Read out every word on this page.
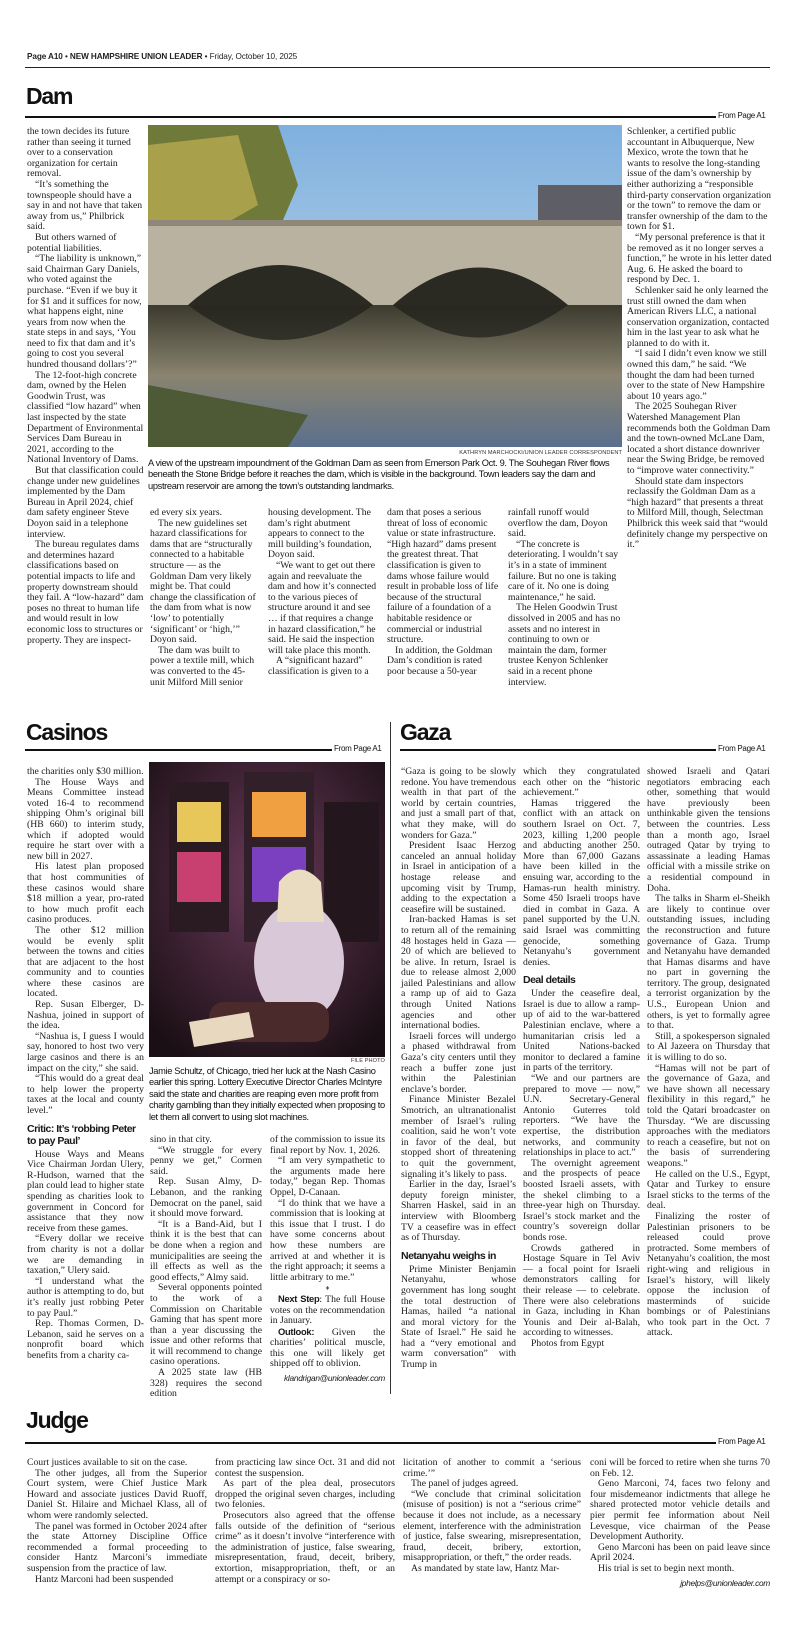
Page A10 • NEW HAMPSHIRE UNION LEADER • Friday, October 10, 2025
Dam
From Page A1

the town decides its future rather than seeing it turned over to a conservation organization for certain removal.

“It’s something the townspeople should have a say in and not have that taken away from us,” Philbrick said.

But others warned of potential liabilities.

“The liability is unknown,” said Chairman Gary Daniels, who voted against the purchase. “Even if we buy it for $1 and it suffices for now, what happens eight, nine years from now when the state steps in and says, ‘You need to fix that dam and it’s going to cost you several hundred thousand dollars’?”

The 12-foot-high concrete dam, owned by the Helen Goodwin Trust, was classified “low hazard” when last inspected by the state Department of Environmental Services Dam Bureau in 2021, according to the National Inventory of Dams.

But that classification could change under new guidelines implemented by the Dam Bureau in April 2024, chief dam safety engineer Steve Doyon said in a telephone interview.

The bureau regulates dams and determines hazard classifications based on potential impacts to life and property downstream should they fail. A “low-hazard” dam poses no threat to human life and would result in low economic loss to structures or property. They are inspect-

KATHRYN MARCHOCKI/UNION LEADER CORRESPONDENT
A view of the upstream impoundment of the Goldman Dam as seen from Emerson Park Oct. 9. The Souhegan River flows beneath the Stone Bridge before it reaches the dam, which is visible in the background. Town leaders say the dam and upstream reservoir are among the town’s outstanding landmarks.

ed every six years.

The new guidelines set hazard classifications for dams that are “structurally connected to a habitable structure — as the Goldman Dam very likely might be. That could change the classification of the dam from what is now ‘low’ to potentially ‘significant’ or ‘high,’” Doyon said.

The dam was built to power a textile mill, which was converted to the 45-unit Milford Mill senior

housing development. The dam’s right abutment appears to connect to the mill building’s foundation, Doyon said.

“We want to get out there again and reevaluate the dam and how it’s connected to the various pieces of structure around it and see … if that requires a change in hazard classification,” he said. He said the inspection will take place this month.

A “significant hazard” classification is given to a

dam that poses a serious threat of loss of economic value or state infrastructure. “High hazard” dams present the greatest threat. That classification is given to dams whose failure would result in probable loss of life because of the structural failure of a foundation of a habitable residence or commercial or industrial structure.

In addition, the Goldman Dam’s condition is rated poor because a 50-year

rainfall runoff would overflow the dam, Doyon said.

“The concrete is deteriorating. I wouldn’t say it’s in a state of imminent failure. But no one is taking care of it. No one is doing maintenance,” he said.

The Helen Goodwin Trust dissolved in 2005 and has no assets and no interest in continuing to own or maintain the dam, former trustee Kenyon Schlenker said in a recent phone interview.

Schlenker, a certified public accountant in Albuquerque, New Mexico, wrote the town that he wants to resolve the long-standing issue of the dam’s ownership by either authorizing a “responsible third-party conservation organization or the town” to remove the dam or transfer ownership of the dam to the town for $1.

“My personal preference is that it be removed as it no longer serves a function,” he wrote in his letter dated Aug. 6. He asked the board to respond by Dec. 1.

Schlenker said he only learned the trust still owned the dam when American Rivers LLC, a national conservation organization, contacted him in the last year to ask what he planned to do with it.

“I said I didn’t even know we still owned this dam,” he said. “We thought the dam had been turned over to the state of New Hampshire about 10 years ago.”

The 2025 Souhegan River Watershed Management Plan recommends both the Goldman Dam and the town-owned McLane Dam, located a short distance downriver near the Swing Bridge, be removed to “improve water connectivity.”

Should state dam inspectors reclassify the Goldman Dam as a “high hazard” that presents a threat to Milford Mill, though, Selectman Philbrick this week said that “would definitely change my perspective on it.”

Casinos
From Page A1

the charities only $30 million.

The House Ways and Means Committee instead voted 16-4 to recommend shipping Ohm’s original bill (HB 660) to interim study, which if adopted would require he start over with a new bill in 2027.

His latest plan proposed that host communities of these casinos would share $18 million a year, pro-rated to how much profit each casino produces.

The other $12 million would be evenly split between the towns and cities that are adjacent to the host community and to counties where these casinos are located.

Rep. Susan Elberger, D-Nashua, joined in support of the idea.

“Nashua is, I guess I would say, honored to host two very large casinos and there is an impact on the city,” she said.

“This would do a great deal to help lower the property taxes at the local and county level.”

Critic: It’s ‘robbing Peter to pay Paul’

House Ways and Means Vice Chairman Jordan Ulery, R-Hudson, warned that the plan could lead to higher state spending as charities look to government in Concord for assistance that they now receive from these games.

“Every dollar we receive from charity is not a dollar we are demanding in taxation,” Ulery said.

“I understand what the author is attempting to do, but it’s really just robbing Peter to pay Paul.”

Rep. Thomas Cormen, D-Lebanon, said he serves on a nonprofit board which benefits from a charity ca-

FILE PHOTO
Jamie Schultz, of Chicago, tried her luck at the Nash Casino earlier this spring. Lottery Executive Director Charles McIntyre said the state and charities are reaping even more profit from charity gambling than they initially expected when proposing to let them all convert to using slot machines.

sino in that city.

“We struggle for every penny we get,” Cormen said.

Rep. Susan Almy, D-Lebanon, and the ranking Democrat on the panel, said it should move forward.

“It is a Band-Aid, but I think it is the best that can be done when a region and municipalities are seeing the ill effects as well as the good effects,” Almy said.

Several opponents pointed to the work of a Commission on Charitable Gaming that has spent more than a year discussing the issue and other reforms that it will recommend to change casino operations.

A 2025 state law (HB 328) requires the second edition

of the commission to issue its final report by Nov. 1, 2026.

“I am very sympathetic to the arguments made here today,” began Rep. Thomas Oppel, D-Canaan.

“I do think that we have a commission that is looking at this issue that I trust. I do have some concerns about how these numbers are arrived at and whether it is the right approach; it seems a little arbitrary to me.”

♦

Next Step: The full House votes on the recommendation in January.

Outlook: Given the charities’ political muscle, this one will likely get shipped off to oblivion.

klandrigan@unionleader.com

Gaza
From Page A1

“Gaza is going to be slowly redone. You have tremendous wealth in that part of the world by certain countries, and just a small part of that, what they make, will do wonders for Gaza.”

President Isaac Herzog canceled an annual holiday in Israel in anticipation of a hostage release and upcoming visit by Trump, adding to the expectation a ceasefire will be sustained.

Iran-backed Hamas is set to return all of the remaining 48 hostages held in Gaza — 20 of which are believed to be alive. In return, Israel is due to release almost 2,000 jailed Palestinians and allow a ramp up of aid to Gaza through United Nations agencies and other international bodies.

Israeli forces will undergo a phased withdrawal from Gaza’s city centers until they reach a buffer zone just within the Palestinian enclave’s border.

Finance Minister Bezalel Smotrich, an ultranationalist member of Israel’s ruling coalition, said he won’t vote in favor of the deal, but stopped short of threatening to quit the government, signaling it’s likely to pass.

Earlier in the day, Israel’s deputy foreign minister, Sharren Haskel, said in an interview with Bloomberg TV a ceasefire was in effect as of Thursday.

Netanyahu weighs in

Prime Minister Benjamin Netanyahu, whose government has long sought the total destruction of Hamas, hailed “a national and moral victory for the State of Israel.” He said he had a “very emotional and warm conversation” with Trump in

which they congratulated each other on the “historic achievement.”

Hamas triggered the conflict with an attack on southern Israel on Oct. 7, 2023, killing 1,200 people and abducting another 250. More than 67,000 Gazans have been killed in the ensuing war, according to the Hamas-run health ministry. Some 450 Israeli troops have died in combat in Gaza. A panel supported by the U.N. said Israel was committing genocide, something Netanyahu’s government denies.

Deal details

Under the ceasefire deal, Israel is due to allow a ramp-up of aid to the war-battered Palestinian enclave, where a humanitarian crisis led a United Nations-backed monitor to declared a famine in parts of the territory.

“We and our partners are prepared to move — now,” U.N. Secretary-General Antonio Guterres told reporters. “We have the expertise, the distribution networks, and community relationships in place to act.”

The overnight agreement and the prospects of peace boosted Israeli assets, with the shekel climbing to a three-year high on Thursday. Israel’s stock market and the country’s sovereign dollar bonds rose.

Crowds gathered in Hostage Square in Tel Aviv — a focal point for Israeli demonstrators calling for their release — to celebrate. There were also celebrations in Gaza, including in Khan Younis and Deir al-Balah, according to witnesses.

Photos from Egypt

showed Israeli and Qatari negotiators embracing each other, something that would have previously been unthinkable given the tensions between the countries. Less than a month ago, Israel outraged Qatar by trying to assassinate a leading Hamas official with a missile strike on a residential compound in Doha.

The talks in Sharm el-Sheikh are likely to continue over outstanding issues, including the reconstruction and future governance of Gaza. Trump and Netanyahu have demanded that Hamas disarms and have no part in governing the territory. The group, designated a terrorist organization by the U.S., European Union and others, is yet to formally agree to that.

Still, a spokesperson signaled to Al Jazeera on Thursday that it is willing to do so.

“Hamas will not be part of the governance of Gaza, and we have shown all necessary flexibility in this regard,” he told the Qatari broadcaster on Thursday. “We are discussing approaches with the mediators to reach a ceasefire, but not on the basis of surrendering weapons.”

He called on the U.S., Egypt, Qatar and Turkey to ensure Israel sticks to the terms of the deal.

Finalizing the roster of Palestinian prisoners to be released could prove protracted. Some members of Netanyahu’s coalition, the most right-wing and religious in Israel’s history, will likely oppose the inclusion of masterminds of suicide bombings or of Palestinians who took part in the Oct. 7 attack.

Judge
From Page A1

Court justices available to sit on the case.

The other judges, all from the Superior Court system, were Chief Justice Mark Howard and associate justices David Ruoff, Daniel St. Hilaire and Michael Klass, all of whom were randomly selected.

The panel was formed in October 2024 after the state Attorney Discipline Office recommended a formal proceeding to consider Hantz Marconi’s immediate suspension from the practice of law.

Hantz Marconi had been suspended

from practicing law since Oct. 31 and did not contest the suspension.

As part of the plea deal, prosecutors dropped the original seven charges, including two felonies.

Prosecutors also agreed that the offense falls outside of the definition of “serious crime” as it doesn’t involve “interference with the administration of justice, false swearing, misrepresentation, fraud, deceit, bribery, extortion, misappropriation, theft, or an attempt or a conspiracy or so-

licitation of another to commit a ‘serious crime.’”

The panel of judges agreed.

“We conclude that criminal solicitation (misuse of position) is not a “serious crime” because it does not include, as a necessary element, interference with the administration of justice, false swearing, misrepresentation, fraud, deceit, bribery, extortion, misappropriation, or theft,” the order reads.

As mandated by state law, Hantz Mar-

coni will be forced to retire when she turns 70 on Feb. 12.

Geno Marconi, 74, faces two felony and four misdemeanor indictments that allege he shared protected motor vehicle details and pier permit fee information about Neil Levesque, vice chairman of the Pease Development Authority.

Geno Marconi has been on paid leave since April 2024.

His trial is set to begin next month.

jphelps@unionleader.com
